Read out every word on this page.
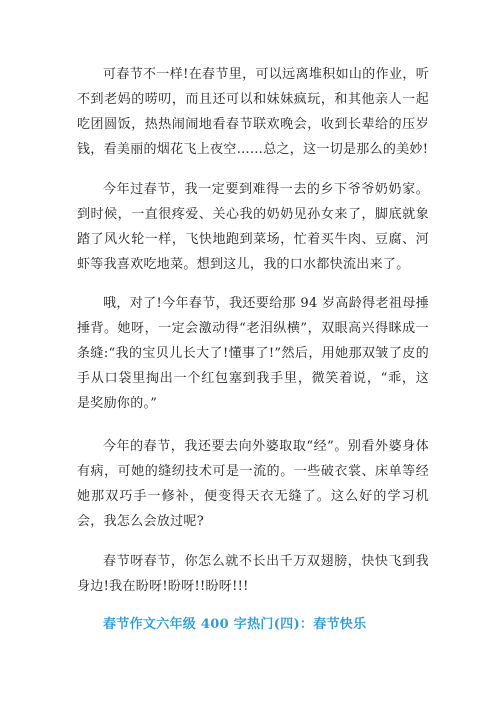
可春节不一样!在春节里，可以远离堆积如山的作业，听不到老妈的唠叨，而且还可以和妹妹疯玩，和其他亲人一起吃团圆饭，热热闹闹地看春节联欢晚会，收到长辈给的压岁钱，看美丽的烟花飞上夜空……总之，这一切是那么的美妙!

今年过春节，我一定要到难得一去的乡下爷爷奶奶家。到时候，一直很疼爱、关心我的奶奶见孙女来了，脚底就象踏了风火轮一样，飞快地跑到菜场，忙着买牛肉、豆腐、河虾等我喜欢吃地菜。想到这儿，我的口水都快流出来了。

哦，对了!今年春节，我还要给那 94 岁高龄得老祖母捶捶背。她呀，一定会激动得“老泪纵横”，双眼高兴得眯成一条缝:“我的宝贝儿长大了!懂事了!”然后，用她那双皱了皮的手从口袋里掏出一个红包塞到我手里，微笑着说，“乖，这是奖励你的。”

今年的春节，我还要去向外婆取取“经”。别看外婆身体有病，可她的缝纫技术可是一流的。一些破衣裳、床单等经她那双巧手一修补，便变得天衣无缝了。这么好的学习机会，我怎么会放过呢?

春节呀春节，你怎么就不长出千万双翅膀，快快飞到我身边!我在盼呀!盼呀!!盼呀!!!

春节作文六年级 400 字热门(四)：春节快乐
